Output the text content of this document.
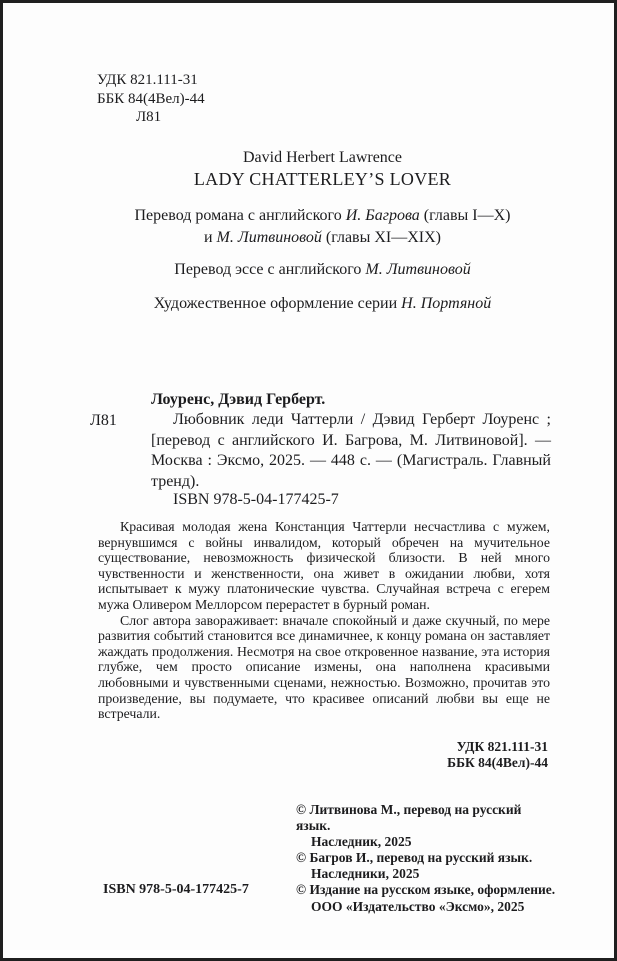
УДК 821.111-31
ББК 84(4Вел)-44
Л81
David Herbert Lawrence
LADY CHATTERLEY’S LOVER
Перевод романа с английского И. Багрова (главы I—X)
и М. Литвиновой (главы XI—XIX)
Перевод эссе с английского М. Литвиновой
Художественное оформление серии Н. Портяной
Лоуренс, Дэвид Герберт.
Л81	Любовник леди Чаттерли / Дэвид Герберт Лоуренс ; [перевод с английского И. Багрова, М. Литвиновой]. — Москва : Эксмо, 2025. — 448 с. — (Магистраль. Главный тренд).
ISBN 978-5-04-177425-7

Красивая молодая жена Констанция Чаттерли несчастлива с мужем, вернувшимся с войны инвалидом, который обречен на мучительное существование, невозможность физической близости. В ней много чувственности и женственности, она живет в ожидании любви, хотя испытывает к мужу платонические чувства. Случайная встреча с егерем мужа Оливером Меллорсом перерастет в бурный роман.

Слог автора завораживает: вначале спокойный и даже скучный, по мере развития событий становится все динамичнее, к концу романа он заставляет жаждать продолжения. Несмотря на свое откровенное название, эта история глубже, чем просто описание измены, она наполнена красивыми любовными и чувственными сценами, нежностью. Возможно, прочитав это произведение, вы подумаете, что красивее описаний любви вы еще не встречали.

УДК 821.111-31
ББК 84(4Вел)-44
© Литвинова М., перевод на русский язык.
Наследник, 2025
© Багров И., перевод на русский язык.
Наследники, 2025
© Издание на русском языке, оформление.
ООО «Издательство «Эксмо», 2025
ISBN 978-5-04-177425-7
